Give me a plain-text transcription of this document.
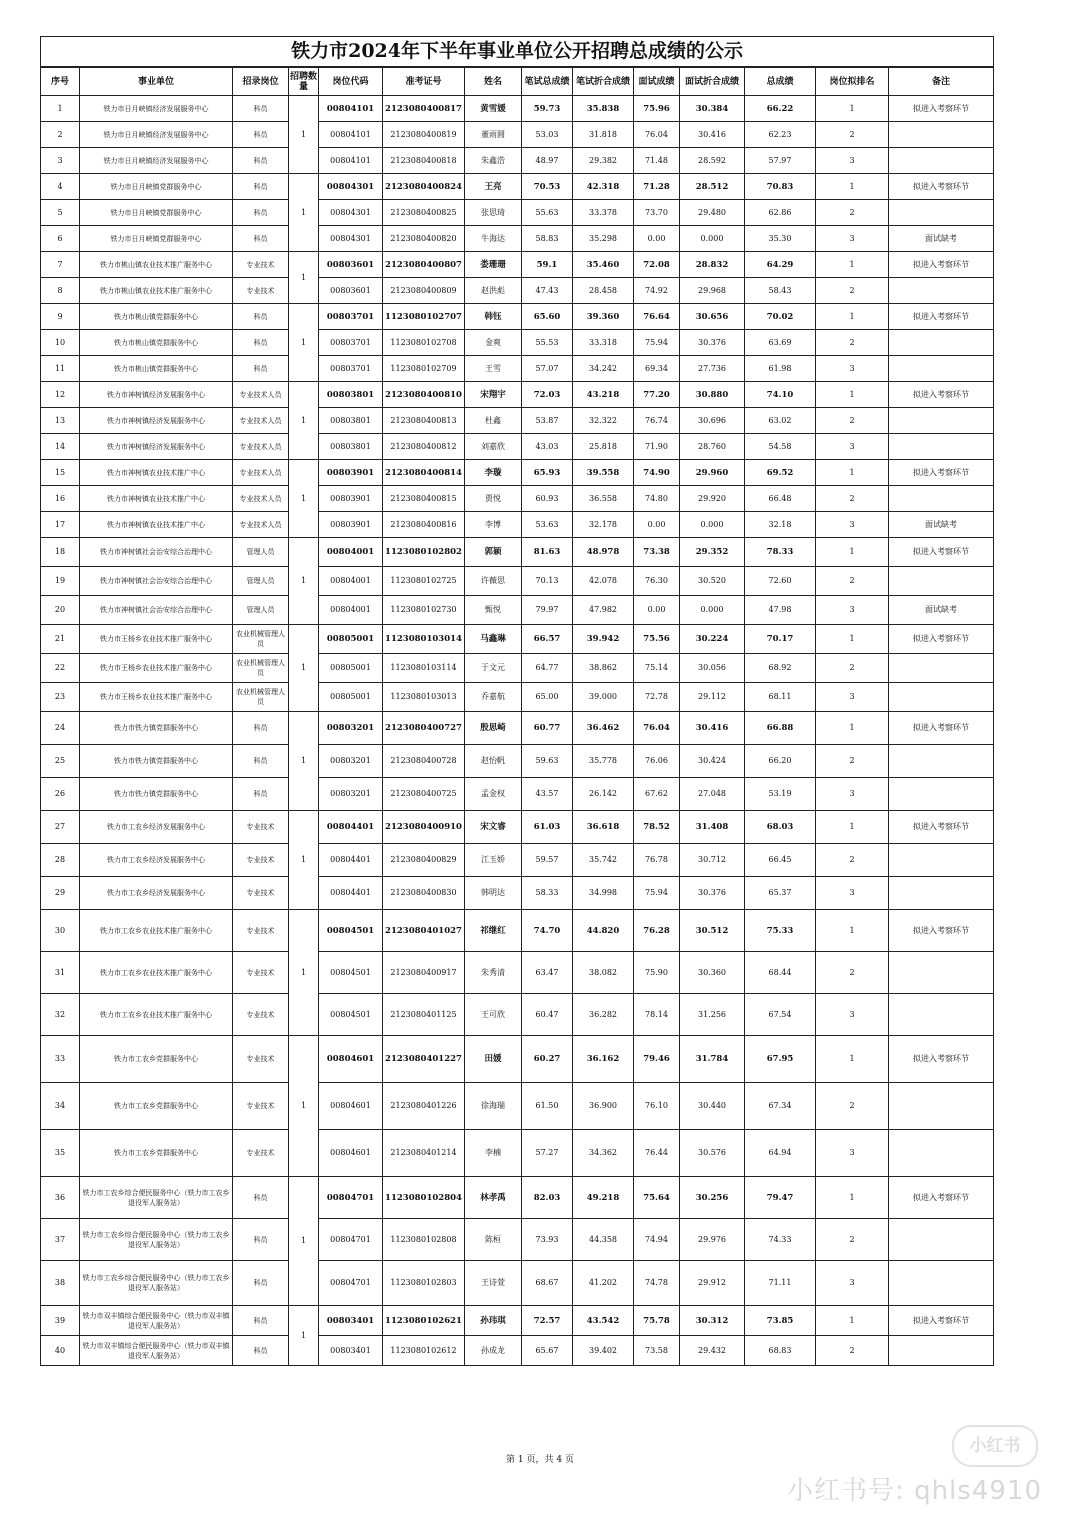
铁力市2024年下半年事业单位公开招聘总成绩的公示													
序号	事业单位	招录岗位	招聘数量	岗位代码	准考证号	姓名	笔试总成绩	笔试折合成绩	面试成绩	面试折合成绩	总成绩	岗位拟排名	备注
1	铁力市日月峡镇经济发展服务中心	科员	1	00804101	2123080400817	黄雪媛	59.73	35.838	75.96	30.384	66.22	1	拟进入考察环节
2	铁力市日月峡镇经济发展服务中心	科员		00804101	2123080400819	董雨圆	53.03	31.818	76.04	30.416	62.23	2	
3	铁力市日月峡镇经济发展服务中心	科员		00804101	2123080400818	朱鑫浩	48.97	29.382	71.48	28.592	57.97	3	
4	铁力市日月峡镇党群服务中心	科员	1	00804301	2123080400824	王亮	70.53	42.318	71.28	28.512	70.83	1	拟进入考察环节
5	铁力市日月峡镇党群服务中心	科员		00804301	2123080400825	张思琦	55.63	33.378	73.70	29.480	62.86	2	
6	铁力市日月峡镇党群服务中心	科员		00804301	2123080400820	牛海达	58.83	35.298	0.00	0.000	35.30	3	面试缺考
7	铁力市桃山镇农业技术推广服务中心	专业技术	1	00803601	2123080400807	娄珊珊	59.1	35.460	72.08	28.832	64.29	1	拟进入考察环节
8	铁力市桃山镇农业技术推广服务中心	专业技术		00803601	2123080400809	赵洪彪	47.43	28.458	74.92	29.968	58.43	2	
9	铁力市桃山镇党群服务中心	科员	1	00803701	1123080102707	韩钰	65.60	39.360	76.64	30.656	70.02	1	拟进入考察环节
10	铁力市桃山镇党群服务中心	科员		00803701	1123080102708	金爽	55.53	33.318	75.94	30.376	63.69	2	
11	铁力市桃山镇党群服务中心	科员		00803701	1123080102709	王雪	57.07	34.242	69.34	27.736	61.98	3	
12	铁力市神树镇经济发展服务中心	专业技术人员	1	00803801	2123080400810	宋翔宇	72.03	43.218	77.20	30.880	74.10	1	拟进入考察环节
13	铁力市神树镇经济发展服务中心	专业技术人员		00803801	2123080400813	杜鑫	53.87	32.322	76.74	30.696	63.02	2	
14	铁力市神树镇经济发展服务中心	专业技术人员		00803801	2123080400812	刘嘉欣	43.03	25.818	71.90	28.760	54.58	3	
15	铁力市神树镇农业技术推广中心	专业技术人员	1	00803901	2123080400814	李璇	65.93	39.558	74.90	29.960	69.52	1	拟进入考察环节
16	铁力市神树镇农业技术推广中心	专业技术人员		00803901	2123080400815	贾悦	60.93	36.558	74.80	29.920	66.48	2	
17	铁力市神树镇农业技术推广中心	专业技术人员		00803901	2123080400816	李博	53.63	32.178	0.00	0.000	32.18	3	面试缺考
18	铁力市神树镇社会治安综合治理中心	管理人员	1	00804001	1123080102802	郭颖	81.63	48.978	73.38	29.352	78.33	1	拟进入考察环节
19	铁力市神树镇社会治安综合治理中心	管理人员		00804001	1123080102725	许薇思	70.13	42.078	76.30	30.520	72.60	2	
20	铁力市神树镇社会治安综合治理中心	管理人员		00804001	1123080102730	甄悦	79.97	47.982	0.00	0.000	47.98	3	面试缺考
21	铁力市王杨乡农业技术推广服务中心	农业机械管理人员	1	00805001	1123080103014	马鑫琳	66.57	39.942	75.56	30.224	70.17	1	拟进入考察环节
22	铁力市王杨乡农业技术推广服务中心	农业机械管理人员		00805001	1123080103114	于文元	64.77	38.862	75.14	30.056	68.92	2	
23	铁力市王杨乡农业技术推广服务中心	农业机械管理人员		00805001	1123080103013	乔嘉航	65.00	39.000	72.78	29.112	68.11	3	
24	铁力市铁力镇党群服务中心	科员	1	00803201	2123080400727	殷思崎	60.77	36.462	76.04	30.416	66.88	1	拟进入考察环节
25	铁力市铁力镇党群服务中心	科员		00803201	2123080400728	赵怡帆	59.63	35.778	76.06	30.424	66.20	2	
26	铁力市铁力镇党群服务中心	科员		00803201	2123080400725	孟金权	43.57	26.142	67.62	27.048	53.19	3	
27	铁力市工农乡经济发展服务中心	专业技术	1	00804401	2123080400910	宋文睿	61.03	36.618	78.52	31.408	68.03	1	拟进入考察环节
28	铁力市工农乡经济发展服务中心	专业技术		00804401	2123080400829	江玉娇	59.57	35.742	76.78	30.712	66.45	2	
29	铁力市工农乡经济发展服务中心	专业技术		00804401	2123080400830	韩明达	58.33	34.998	75.94	30.376	65.37	3	
30	铁力市工农乡农业技术推广服务中心	专业技术	1	00804501	2123080401027	祁继红	74.70	44.820	76.28	30.512	75.33	1	拟进入考察环节
31	铁力市工农乡农业技术推广服务中心	专业技术		00804501	2123080400917	朱秀清	63.47	38.082	75.90	30.360	68.44	2	
32	铁力市工农乡农业技术推广服务中心	专业技术		00804501	2123080401125	王可欣	60.47	36.282	78.14	31.256	67.54	3	
33	铁力市工农乡党群服务中心	专业技术	1	00804601	2123080401227	田媛	60.27	36.162	79.46	31.784	67.95	1	拟进入考察环节
34	铁力市工农乡党群服务中心	专业技术		00804601	2123080401226	徐海瑞	61.50	36.900	76.10	30.440	67.34	2	
35	铁力市工农乡党群服务中心	专业技术		00804601	2123080401214	李楠	57.27	34.362	76.44	30.576	64.94	3	
36	铁力市工农乡综合便民服务中心（铁力市工农乡退役军人服务站）	科员	1	00804701	1123080102804	林孝禹	82.03	49.218	75.64	30.256	79.47	1	拟进入考察环节
37	铁力市工农乡综合便民服务中心（铁力市工农乡退役军人服务站）	科员		00804701	1123080102808	陈桓	73.93	44.358	74.94	29.976	74.33	2	
38	铁力市工农乡综合便民服务中心（铁力市工农乡退役军人服务站）	科员		00804701	1123080102803	王诗萱	68.67	41.202	74.78	29.912	71.11	3	
39	铁力市双丰镇综合便民服务中心（铁力市双丰镇退役军人服务站）	科员	1	00803401	1123080102621	孙玮琪	72.57	43.542	75.78	30.312	73.85	1	拟进入考察环节
40	铁力市双丰镇综合便民服务中心（铁力市双丰镇退役军人服务站）	科员		00803401	1123080102612	孙成龙	65.67	39.402	73.58	29.432	68.83	2	
第 1 页，共 4 页
小红书
小红书号: qhls4910
